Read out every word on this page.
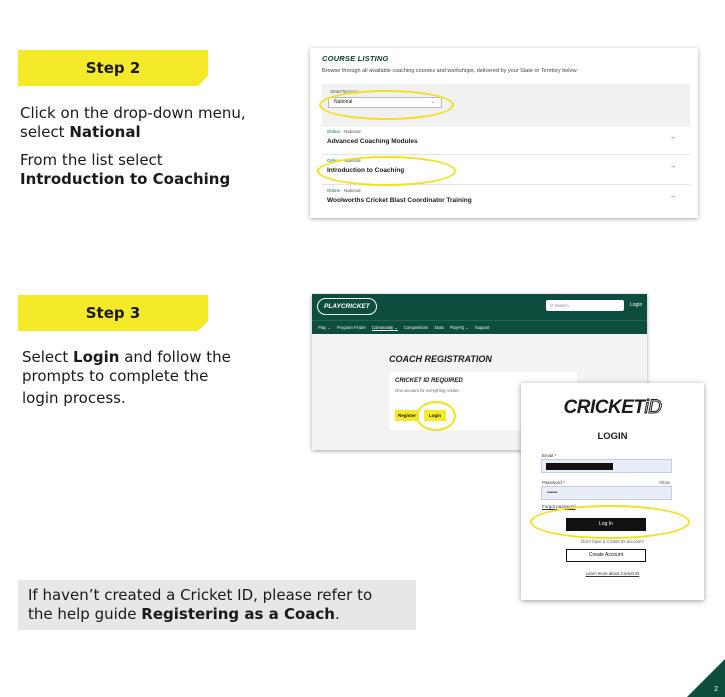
Step 2
Click on the drop-down menu,
select National
From the list select
Introduction to Coaching
COURSE LISTING
Browse through all available coaching courses and workshops, delivered by your State or Territory below.
State/Territory
National	⌄
Online - National
Advanced Coaching Modules
→
Online - National
Introduction to Coaching
→
Online - National
Woolworths Cricket Blast Coordinator Training
→
Step 3
Select Login and follow the
prompts to complete the
login process.
PLAYCRICKET	⚲ Search	Login
Play ⌄ Program Finder Community ⌄ Competitions Stats PlayHQ ⌄ Support
COACH REGISTRATION
CRICKET ID REQUIRED
One account for everything cricket.
Register	Login	CRICKETiD
LOGIN
Email *
Password *	Show
••••••••
Forgot password
Log In
Don't have a Cricket ID account?
Create Account
Learn more about Cricket iD
If haven’t created a Cricket ID, please refer to
the help guide Registering as a Coach.
2
